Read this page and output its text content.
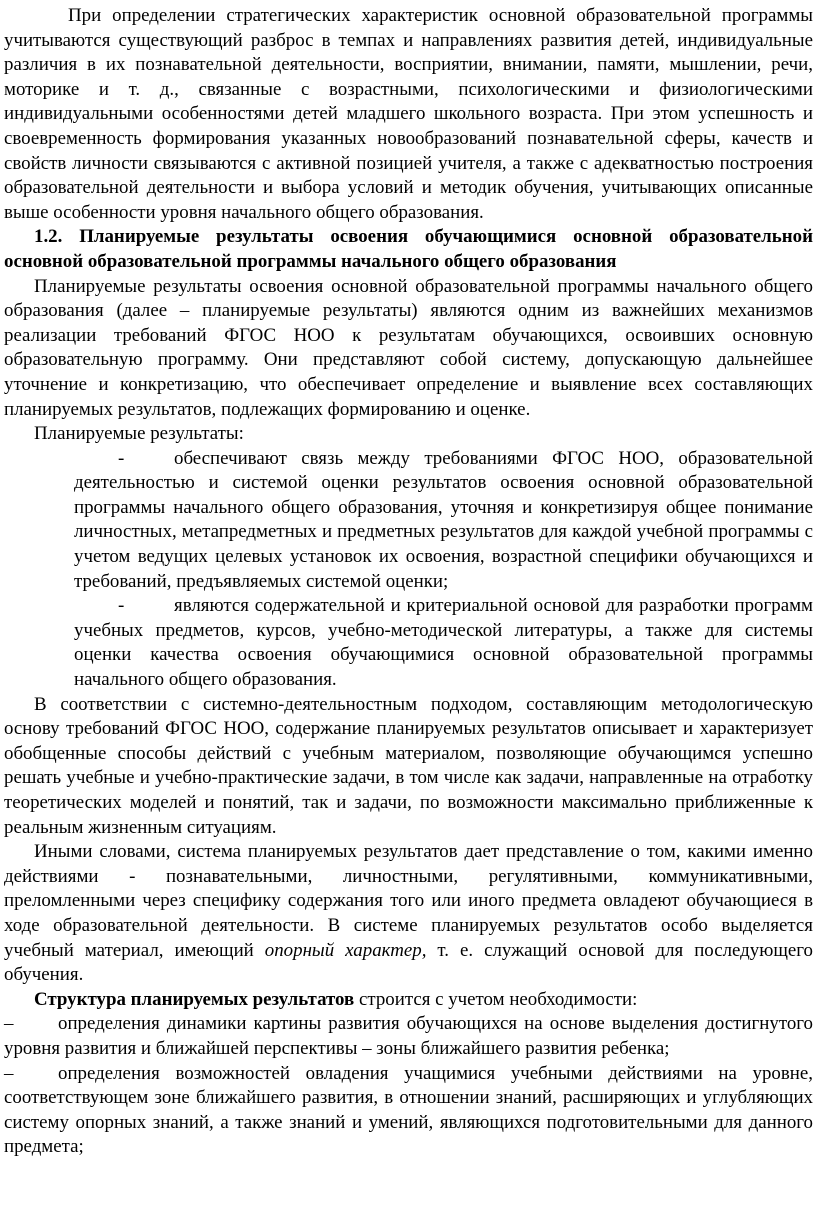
При определении стратегических характеристик основной образовательной программы учитываются существующий разброс в темпах и направлениях развития детей, индивидуальные различия в их познавательной деятельности, восприятии, внимании, памяти, мышлении, речи, моторике и т. д., связанные с возрастными, психологическими и физиологическими индивидуальными особенностями детей младшего школьного возраста. При этом успешность и своевременность формирования указанных новообразований познавательной сферы, качеств и свойств личности связываются с активной позицией учителя, а также с адекватностью построения образовательной деятельности и выбора условий и методик обучения, учитывающих описанные выше особенности уровня начального общего образования.

1.2. Планируемые результаты освоения обучающимися основной образовательной основной образовательной программы начального общего образования

Планируемые результаты освоения основной образовательной программы начального общего образования (далее – планируемые результаты) являются одним из важнейших механизмов реализации требований ФГОС НОО к результатам обучающихся, освоивших основную образовательную программу. Они представляют собой систему, допускающую дальнейшее уточнение и конкретизацию, что обеспечивает определение и выявление всех составляющих планируемых результатов, подлежащих формированию и оценке.

Планируемые результаты:

-	обеспечивают связь между требованиями ФГОС НОО, образовательной деятельностью и системой оценки результатов освоения основной образовательной программы начального общего образования, уточняя и конкретизируя общее понимание личностных, метапредметных и предметных результатов для каждой учебной программы с учетом ведущих целевых установок их освоения, возрастной специфики обучающихся и требований, предъявляемых системой оценки;

-	являются содержательной и критериальной основой для разработки программ учебных предметов, курсов, учебно-методической литературы, а также для системы оценки качества освоения обучающимися основной образовательной программы начального общего образования.

В соответствии с системно-деятельностным подходом, составляющим методологическую основу требований ФГОС НОО, содержание планируемых результатов описывает и характеризует обобщенные способы действий с учебным материалом, позволяющие обучающимся успешно решать учебные и учебно-практические задачи, в том числе как задачи, направленные на отработку теоретических моделей и понятий, так и задачи, по возможности максимально приближенные к реальным жизненным ситуациям.

Иными словами, система планируемых результатов дает представление о том, какими именно действиями - познавательными, личностными, регулятивными, коммуникативными, преломленными через специфику содержания того или иного предмета овладеют обучающиеся в ходе образовательной деятельности. В системе планируемых результатов особо выделяется учебный материал, имеющий опорный характер, т. е. служащий основой для последующего обучения.

Структура планируемых результатов строится с учетом необходимости:

– определения динамики картины развития обучающихся на основе выделения достигнутого уровня развития и ближайшей перспективы – зоны ближайшего развития ребенка;

– определения возможностей овладения учащимися учебными действиями на уровне, соответствующем зоне ближайшего развития, в отношении знаний, расширяющих и углубляющих систему опорных знаний, а также знаний и умений, являющихся подготовительными для данного предмета;
